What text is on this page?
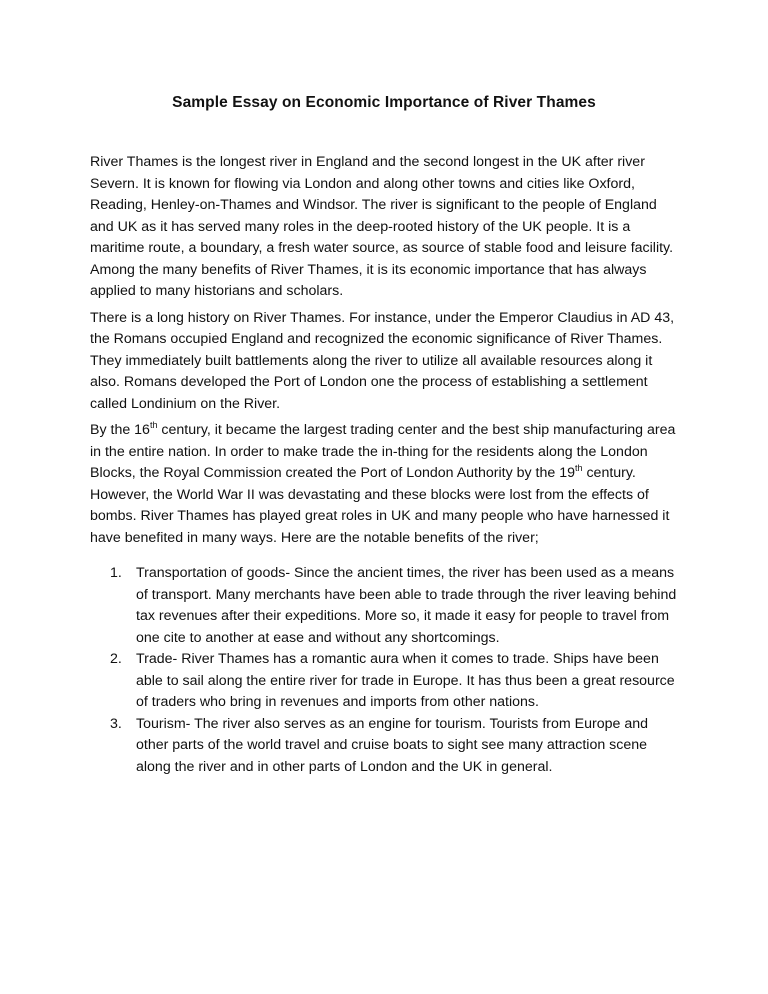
Sample Essay on Economic Importance of River Thames

River Thames is the longest river in England and the second longest in the UK after river Severn. It is known for flowing via London and along other towns and cities like Oxford, Reading, Henley-on-Thames and Windsor. The river is significant to the people of England and UK as it has served many roles in the deep-rooted history of the UK people. It is a maritime route, a boundary, a fresh water source, as source of stable food and leisure facility. Among the many benefits of River Thames, it is its economic importance that has always applied to many historians and scholars.

There is a long history on River Thames. For instance, under the Emperor Claudius in AD 43, the Romans occupied England and recognized the economic significance of River Thames. They immediately built battlements along the river to utilize all available resources along it also. Romans developed the Port of London one the process of establishing a settlement called Londinium on the River.

By the 16th century, it became the largest trading center and the best ship manufacturing area in the entire nation. In order to make trade the in-thing for the residents along the London Blocks, the Royal Commission created the Port of London Authority by the 19th century. However, the World War II was devastating and these blocks were lost from the effects of bombs. River Thames has played great roles in UK and many people who have harnessed it have benefited in many ways. Here are the notable benefits of the river;

1. Transportation of goods- Since the ancient times, the river has been used as a means of transport. Many merchants have been able to trade through the river leaving behind tax revenues after their expeditions. More so, it made it easy for people to travel from one cite to another at ease and without any shortcomings.
2. Trade- River Thames has a romantic aura when it comes to trade. Ships have been able to sail along the entire river for trade in Europe. It has thus been a great resource of traders who bring in revenues and imports from other nations.
3. Tourism- The river also serves as an engine for tourism. Tourists from Europe and other parts of the world travel and cruise boats to sight see many attraction scene along the river and in other parts of London and the UK in general.
